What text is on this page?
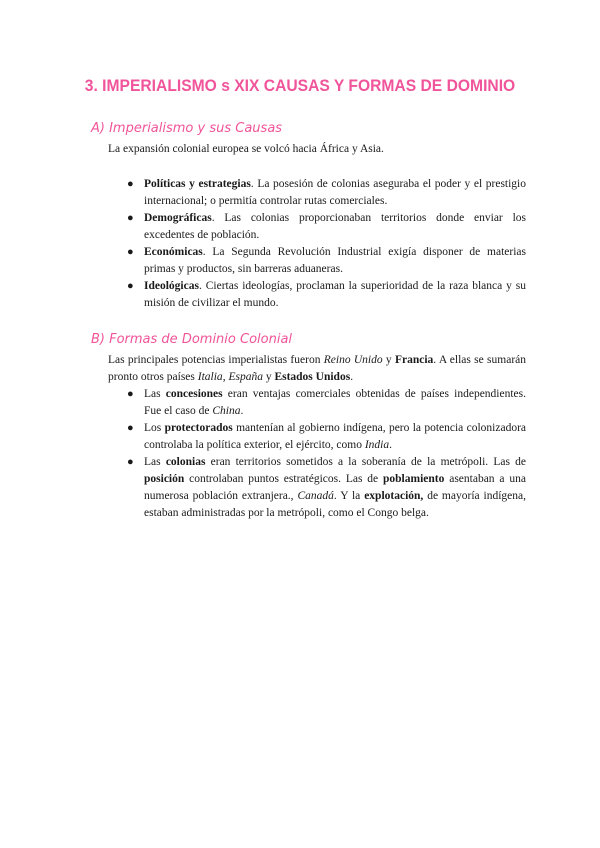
3. IMPERIALISMO s XIX CAUSAS Y FORMAS DE DOMINIO
A) Imperialismo y sus Causas
La expansión colonial europea se volcó hacia África y Asia.
● Políticas y estrategias. La posesión de colonias aseguraba el poder y el prestigio internacional; o permitía controlar rutas comerciales.
● Demográficas. Las colonias proporcionaban territorios donde enviar los excedentes de población.
● Económicas. La Segunda Revolución Industrial exigía disponer de materias primas y productos, sin barreras aduaneras.
● Ideológicas. Ciertas ideologías, proclaman la superioridad de la raza blanca y su misión de civilizar el mundo.
B) Formas de Dominio Colonial
Las principales potencias imperialistas fueron Reino Unido y Francia. A ellas se sumarán pronto otros países Italia, España y Estados Unidos.
● Las concesiones eran ventajas comerciales obtenidas de países independientes. Fue el caso de China.
● Los protectorados mantenían al gobierno indígena, pero la potencia colonizadora controlaba la política exterior, el ejército, como India.
● Las colonias eran territorios sometidos a la soberanía de la metrópoli. Las de posición controlaban puntos estratégicos. Las de poblamiento asentaban a una numerosa población extranjera., Canadá. Y la explotación, de mayoría indígena, estaban administradas por la metrópoli, como el Congo belga.
